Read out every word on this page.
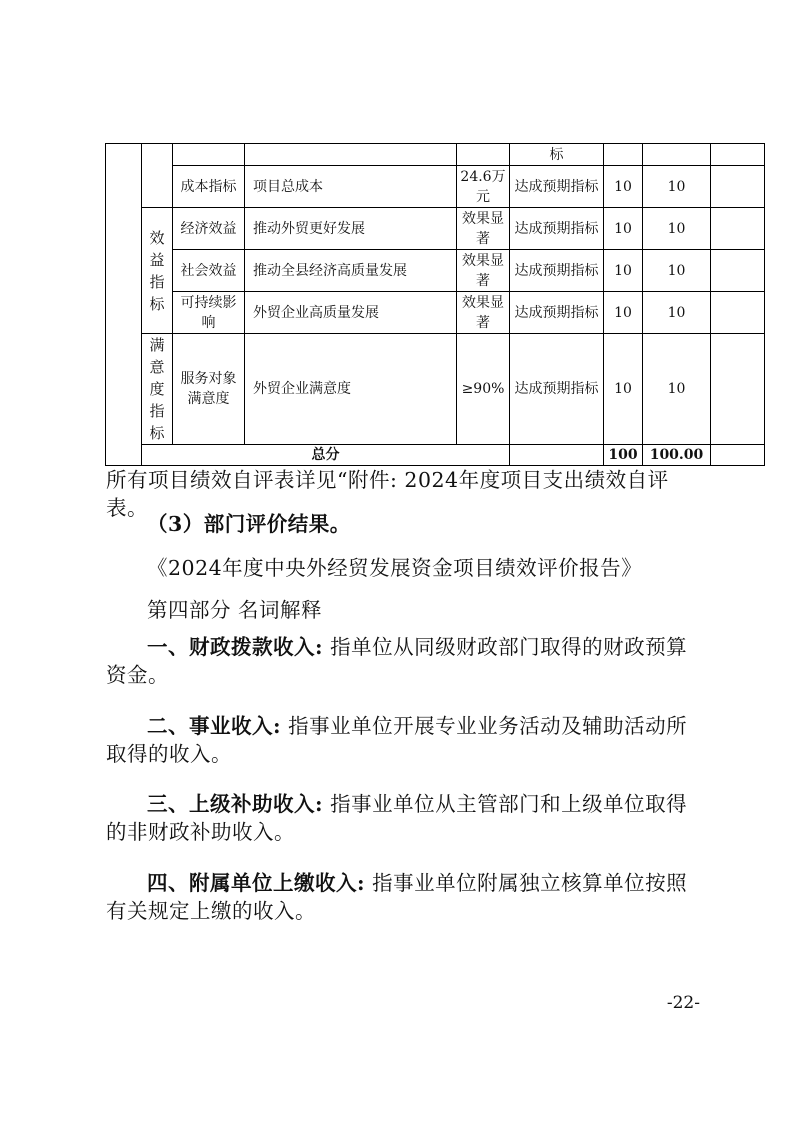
					标			
		成本指标	项目总成本	24.6万元	达成预期指标	10	10	
	效益指标	经济效益	推动外贸更好发展	效果显著	达成预期指标	10	10	
		社会效益	推动全县经济高质量发展	效果显著	达成预期指标	10	10	
		可持续影响	外贸企业高质量发展	效果显著	达成预期指标	10	10	
	满意度指标	服务对象满意度	外贸企业满意度	≥90%	达成预期指标	10	10	
	总分					100	100.00	

所有项目绩效自评表详见“附件: 2024年度项目支出绩效自评表。

（3）部门评价结果。

《2024年度中央外经贸发展资金项目绩效评价报告》

第四部分 名词解释

一、财政拨款收入: 指单位从同级财政部门取得的财政预算资金。

二、事业收入: 指事业单位开展专业业务活动及辅助活动所取得的收入。

三、上级补助收入: 指事业单位从主管部门和上级单位取得的非财政补助收入。

四、附属单位上缴收入: 指事业单位附属独立核算单位按照有关规定上缴的收入。

-22-
